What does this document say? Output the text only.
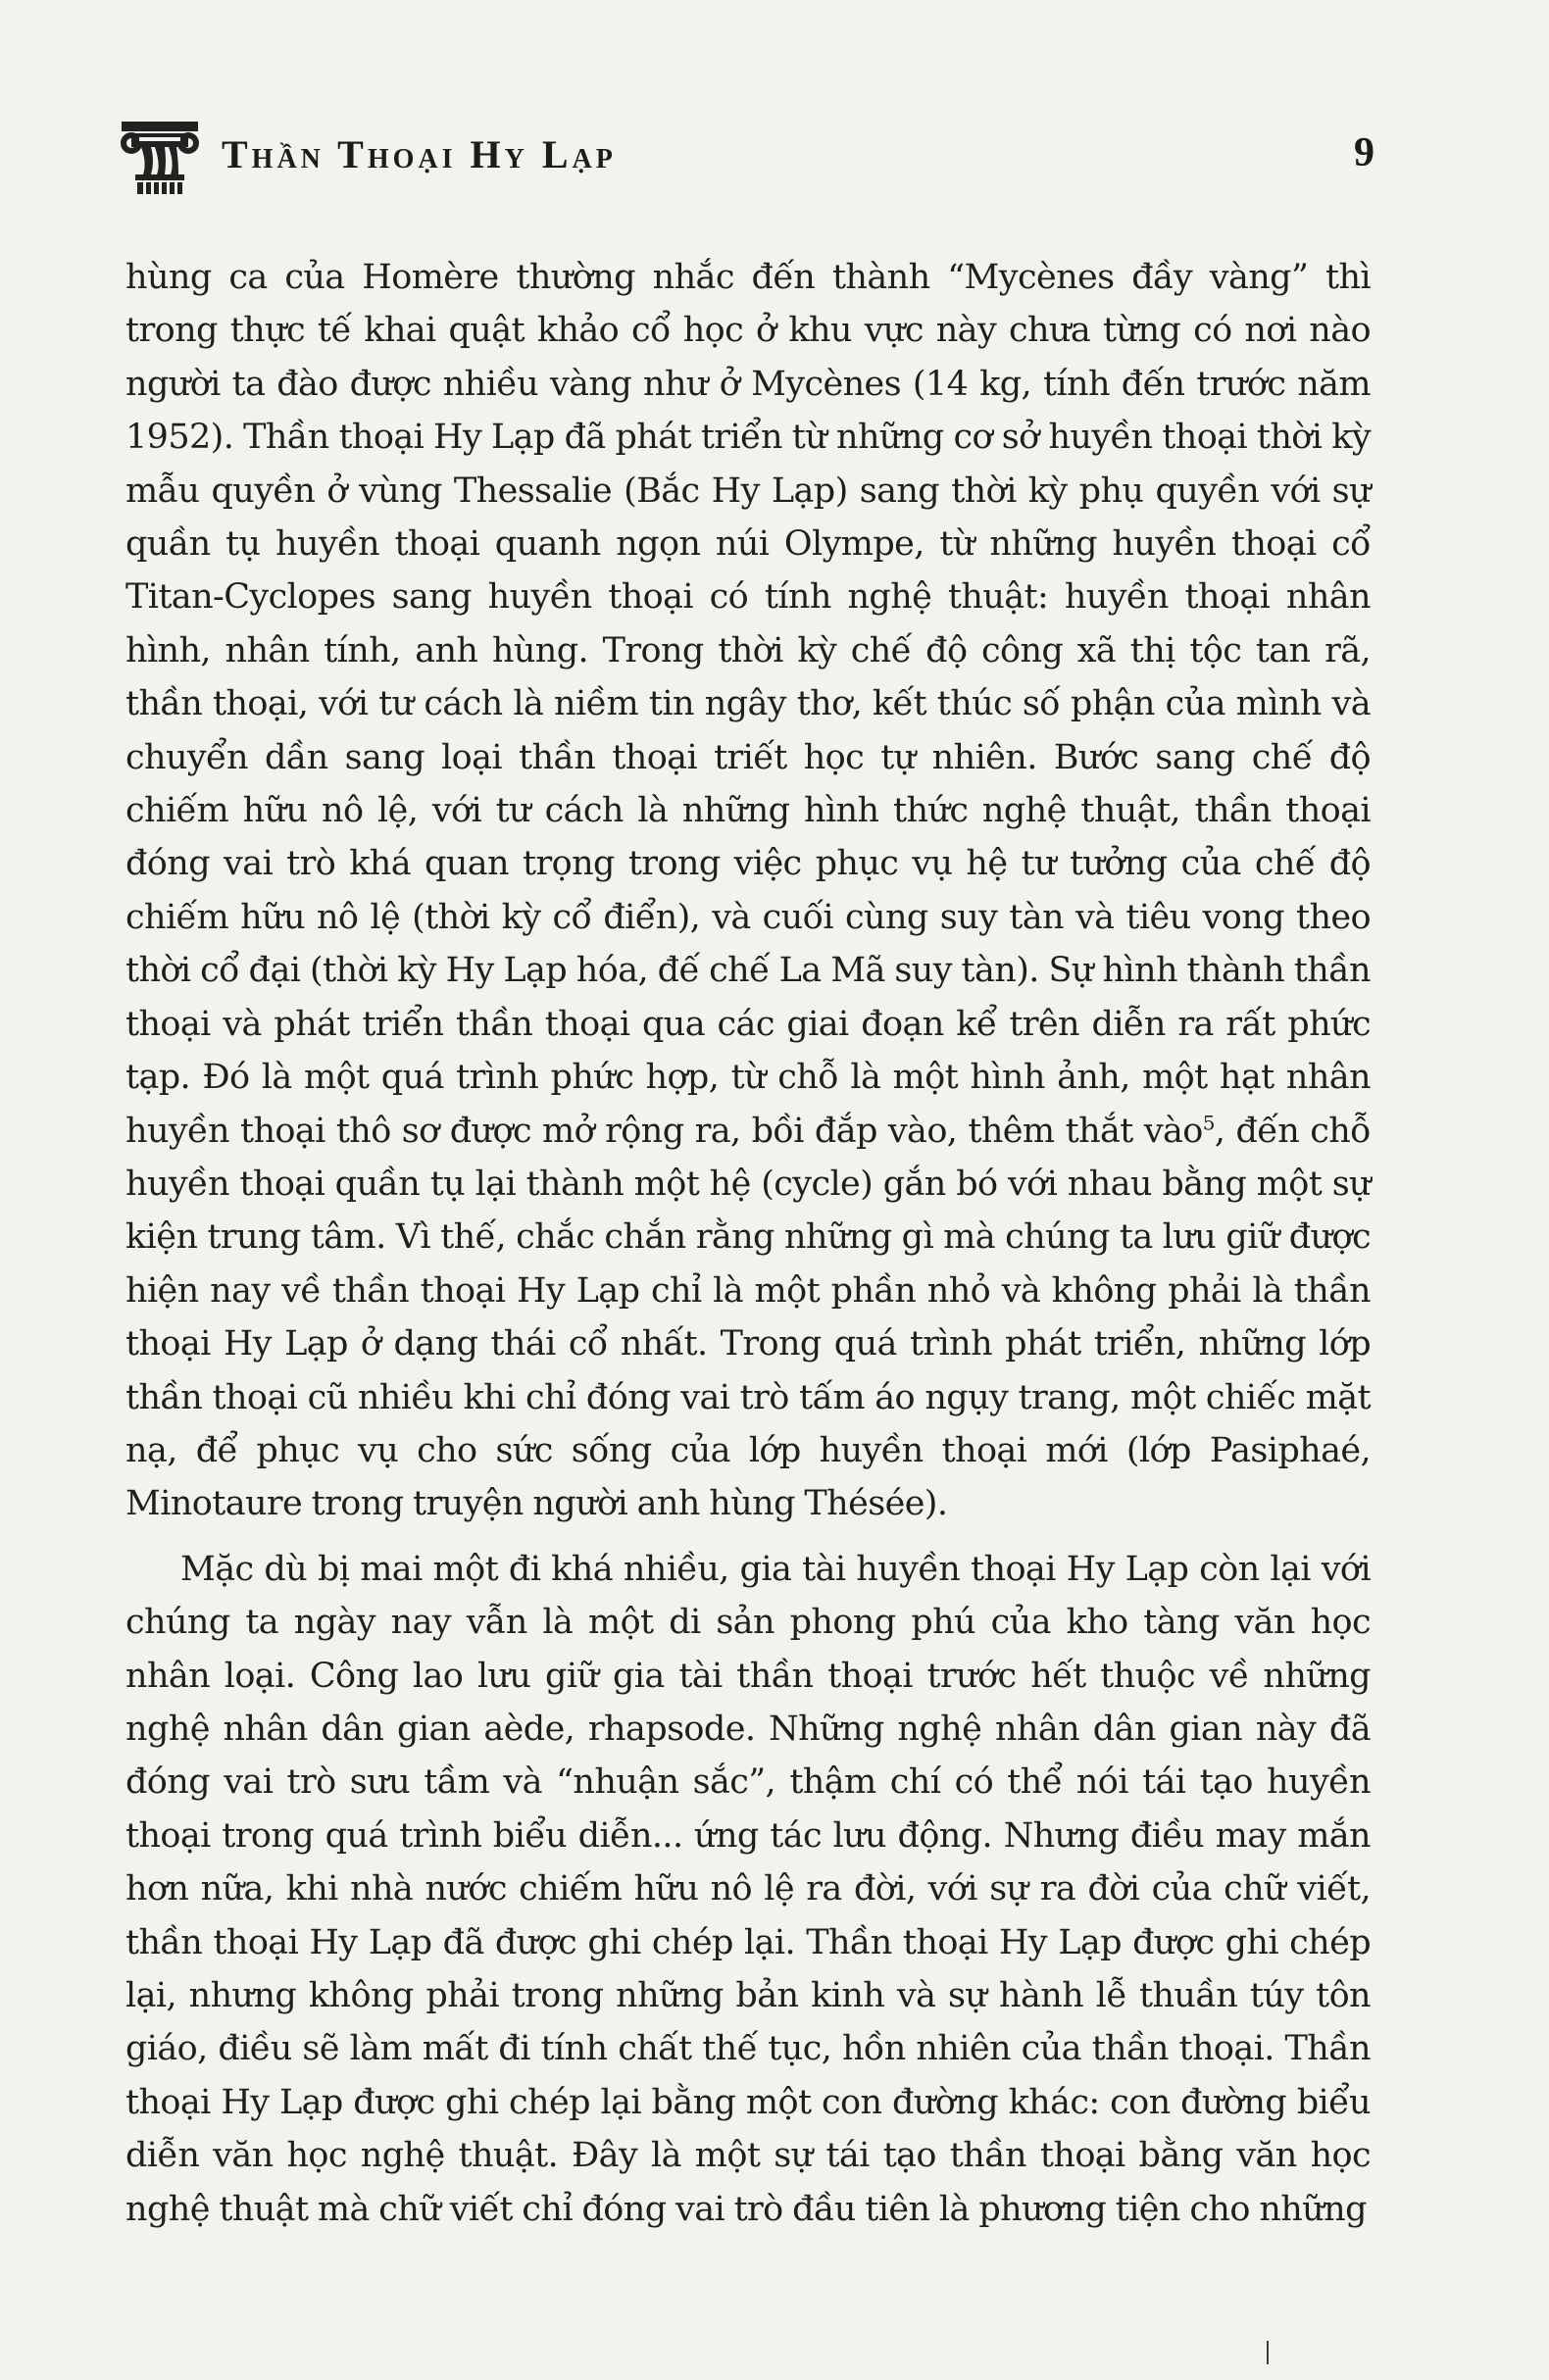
Thần Thoại Hy Lạp	9

hùng ca của Homère thường nhắc đến thành “Mycènes đầy vàng” thì trong thực tế khai quật khảo cổ học ở khu vực này chưa từng có nơi nào người ta đào được nhiều vàng như ở Mycènes (14 kg, tính đến trước năm 1952). Thần thoại Hy Lạp đã phát triển từ những cơ sở huyền thoại thời kỳ mẫu quyền ở vùng Thessalie (Bắc Hy Lạp) sang thời kỳ phụ quyền với sự quần tụ huyền thoại quanh ngọn núi Olympe, từ những huyền thoại cổ Titan-Cyclopes sang huyền thoại có tính nghệ thuật: huyền thoại nhân hình, nhân tính, anh hùng. Trong thời kỳ chế độ công xã thị tộc tan rã, thần thoại, với tư cách là niềm tin ngây thơ, kết thúc số phận của mình và chuyển dần sang loại thần thoại triết học tự nhiên. Bước sang chế độ chiếm hữu nô lệ, với tư cách là những hình thức nghệ thuật, thần thoại đóng vai trò khá quan trọng trong việc phục vụ hệ tư tưởng của chế độ chiếm hữu nô lệ (thời kỳ cổ điển), và cuối cùng suy tàn và tiêu vong theo thời cổ đại (thời kỳ Hy Lạp hóa, đế chế La Mã suy tàn). Sự hình thành thần thoại và phát triển thần thoại qua các giai đoạn kể trên diễn ra rất phức tạp. Đó là một quá trình phức hợp, từ chỗ là một hình ảnh, một hạt nhân huyền thoại thô sơ được mở rộng ra, bồi đắp vào, thêm thắt vào$^5$, đến chỗ huyền thoại quần tụ lại thành một hệ (cycle) gắn bó với nhau bằng một sự kiện trung tâm. Vì thế, chắc chắn rằng những gì mà chúng ta lưu giữ được hiện nay về thần thoại Hy Lạp chỉ là một phần nhỏ và không phải là thần thoại Hy Lạp ở dạng thái cổ nhất. Trong quá trình phát triển, những lớp thần thoại cũ nhiều khi chỉ đóng vai trò tấm áo ngụy trang, một chiếc mặt nạ, để phục vụ cho sức sống của lớp huyền thoại mới (lớp Pasiphaé, Minotaure trong truyện người anh hùng Thésée).

Mặc dù bị mai một đi khá nhiều, gia tài huyền thoại Hy Lạp còn lại với chúng ta ngày nay vẫn là một di sản phong phú của kho tàng văn học nhân loại. Công lao lưu giữ gia tài thần thoại trước hết thuộc về những nghệ nhân dân gian aède, rhapsode. Những nghệ nhân dân gian này đã đóng vai trò sưu tầm và “nhuận sắc”, thậm chí có thể nói tái tạo huyền thoại trong quá trình biểu diễn... ứng tác lưu động. Nhưng điều may mắn hơn nữa, khi nhà nước chiếm hữu nô lệ ra đời, với sự ra đời của chữ viết, thần thoại Hy Lạp đã được ghi chép lại. Thần thoại Hy Lạp được ghi chép lại, nhưng không phải trong những bản kinh và sự hành lễ thuần túy tôn giáo, điều sẽ làm mất đi tính chất thế tục, hồn nhiên của thần thoại. Thần thoại Hy Lạp được ghi chép lại bằng một con đường khác: con đường biểu diễn văn học nghệ thuật. Đây là một sự tái tạo thần thoại bằng văn học nghệ thuật mà chữ viết chỉ đóng vai trò đầu tiên là phương tiện cho những
